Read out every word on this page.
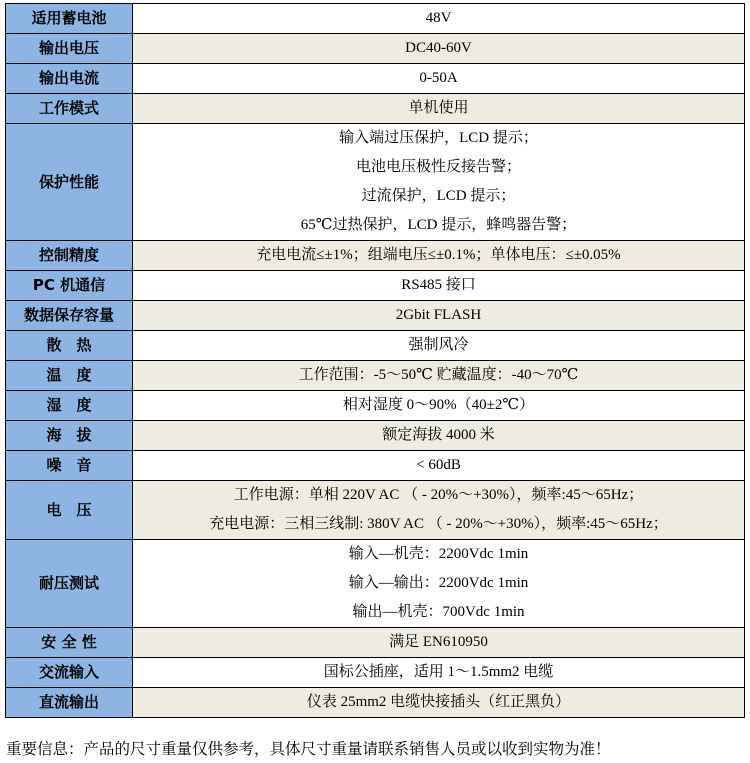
适用蓄电池	48V

输出电压	DC40-60V

输出电流	0-50A

工作模式	单机使用

保护性能	输入端过压保护，LCD 提示；
电池电压极性反接告警；
过流保护，LCD 提示；
65℃过热保护，LCD 提示，蜂鸣器告警；

控制精度	充电电流≤±1%；组端电压≤±0.1%；单体电压：≤±0.05%

PC 机通信	RS485 接口

数据保存容量	2Gbit FLASH

散　热	强制风冷

温　度	工作范围：-5～50℃ 贮藏温度：-40～70℃

湿　度	相对湿度 0～90%（40±2℃）

海　拔	额定海拔 4000 米

噪　音	< 60dB

电　压	工作电源：单相 220V AC （ - 20%～+30%），频率:45～65Hz；
充电电源：三相三线制: 380V AC （ - 20%～+30%），频率:45～65Hz；

耐压测试	输入—机壳：2200Vdc 1min
输入—输出：2200Vdc 1min
输出—机壳：700Vdc 1min

安 全 性	满足 EN610950

交流输入	国标公插座，适用 1～1.5mm2 电缆

直流输出	仪表 25mm2 电缆快接插头（红正黑负）
重要信息：产品的尺寸重量仅供参考，具体尺寸重量请联系销售人员或以收到实物为准！
